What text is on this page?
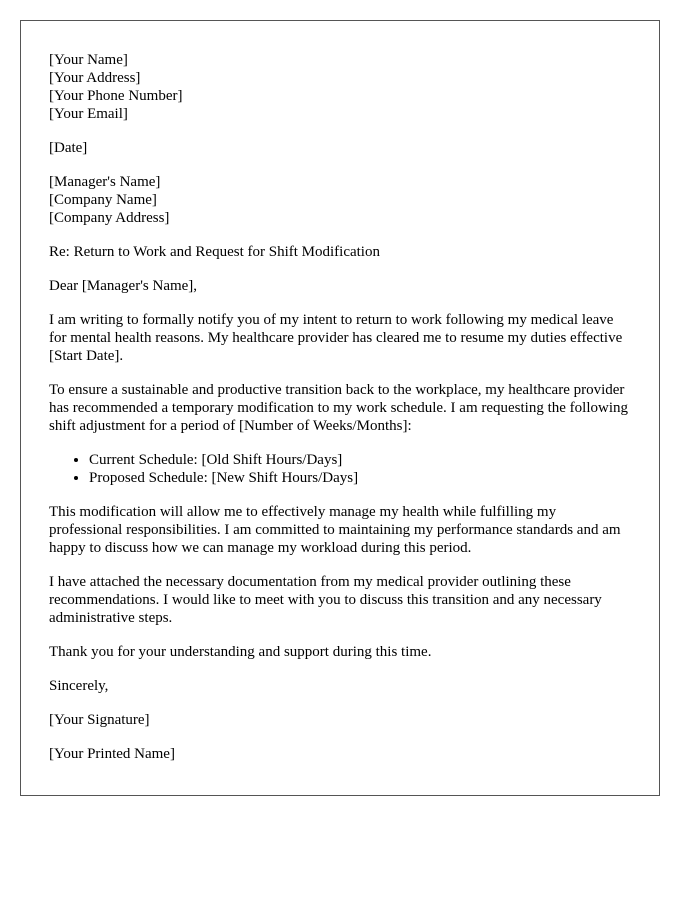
[Your Name]
[Your Address]
[Your Phone Number]
[Your Email]

[Date]

[Manager's Name]
[Company Name]
[Company Address]

Re: Return to Work and Request for Shift Modification

Dear [Manager's Name],

I am writing to formally notify you of my intent to return to work following my medical leave for mental health reasons. My healthcare provider has cleared me to resume my duties effective [Start Date].

To ensure a sustainable and productive transition back to the workplace, my healthcare provider has recommended a temporary modification to my work schedule. I am requesting the following shift adjustment for a period of [Number of Weeks/Months]:

• Current Schedule: [Old Shift Hours/Days]
• Proposed Schedule: [New Shift Hours/Days]

This modification will allow me to effectively manage my health while fulfilling my professional responsibilities. I am committed to maintaining my performance standards and am happy to discuss how we can manage my workload during this period.

I have attached the necessary documentation from my medical provider outlining these recommendations. I would like to meet with you to discuss this transition and any necessary administrative steps.

Thank you for your understanding and support during this time.

Sincerely,

[Your Signature]

[Your Printed Name]
